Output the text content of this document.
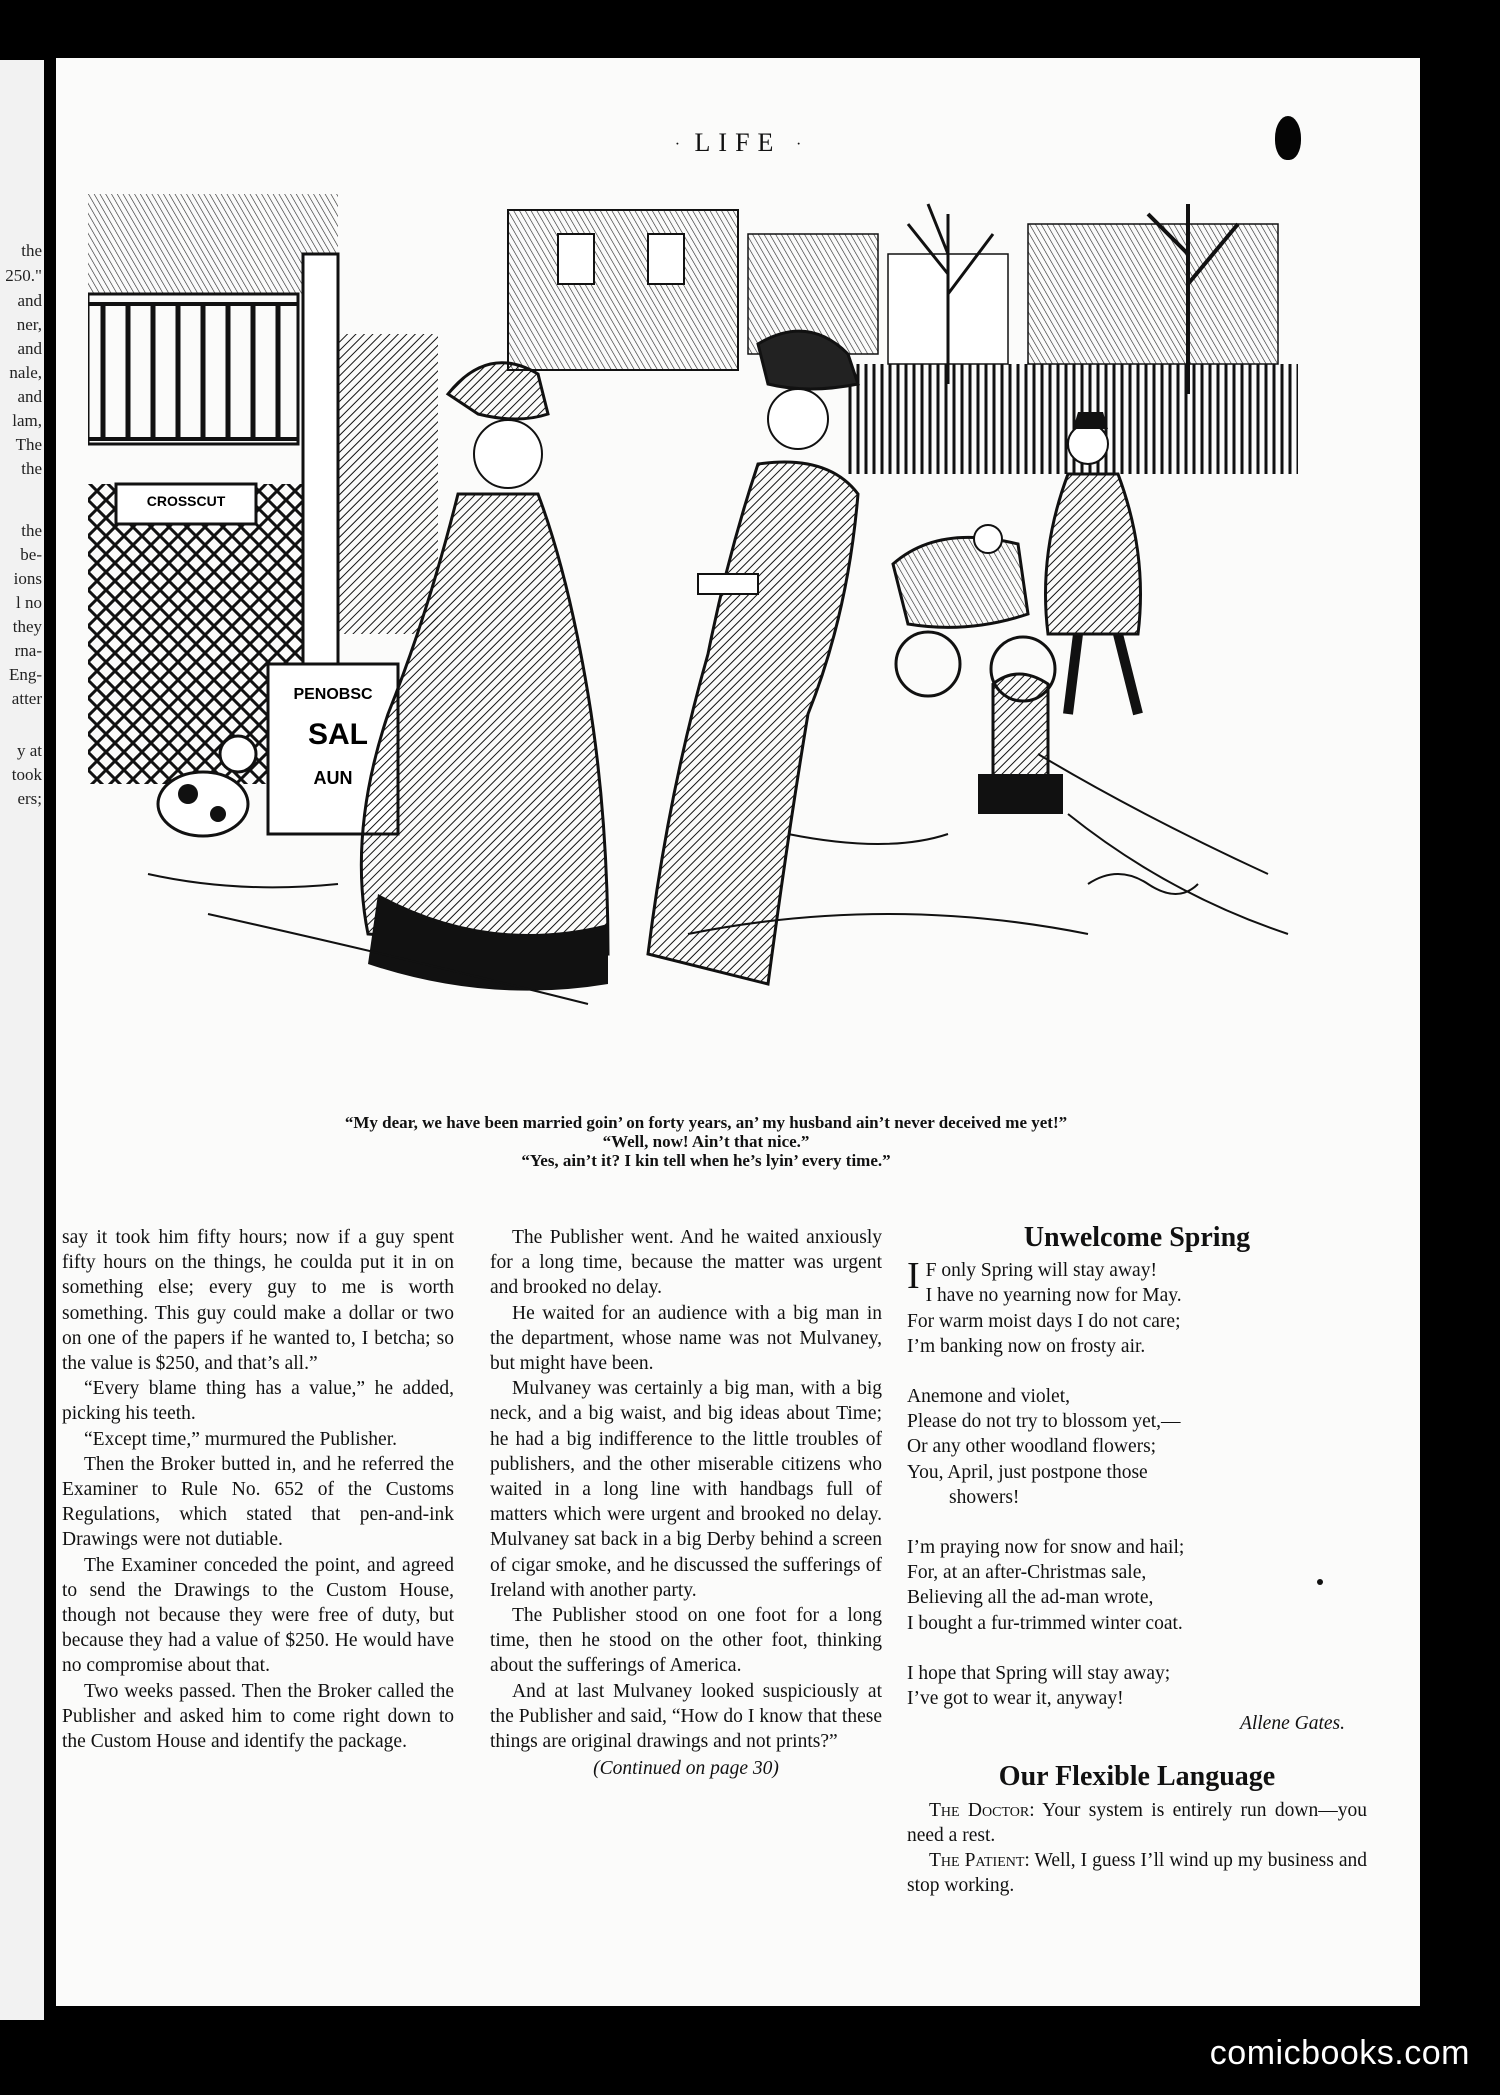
the
250."
and
ner,
and
nale,
and
lam,
The
the
the
be-
ions
l no
they
rna-
Eng-
atter
y at
took
ers;
· LIFE ·
CROSSCUT
PENOBSC
SAL
AUN
“My dear, we have been married goin’ on forty years, an’ my husband ain’t never deceived me yet!”
“Well, now! Ain’t that nice.”
“Yes, ain’t it? I kin tell when he’s lyin’ every time.”

say it took him fifty hours; now if a guy spent fifty hours on the things, he coulda put it in on something else; every guy to me is worth something. This guy could make a dollar or two on one of the papers if he wanted to, I betcha; so the value is $250, and that’s all.”

“Every blame thing has a value,” he added, picking his teeth.

“Except time,” murmured the Publisher.

Then the Broker butted in, and he referred the Examiner to Rule No. 652 of the Customs Regulations, which stated that pen-and-ink Drawings were not dutiable.

The Examiner conceded the point, and agreed to send the Drawings to the Custom House, though not because they were free of duty, but because they had a value of $250. He would have no compromise about that.

Two weeks passed. Then the Broker called the Publisher and asked him to come right down to the Custom House and identify the package.

The Publisher went. And he waited anxiously for a long time, because the matter was urgent and brooked no delay.

He waited for an audience with a big man in the department, whose name was not Mulvaney, but might have been.

Mulvaney was certainly a big man, with a big neck, and a big waist, and big ideas about Time; he had a big indifference to the little troubles of publishers, and the other miserable citizens who waited in a long line with handbags full of matters which were urgent and brooked no delay. Mulvaney sat back in a big Derby behind a screen of cigar smoke, and he discussed the sufferings of Ireland with another party.

The Publisher stood on one foot for a long time, then he stood on the other foot, thinking about the sufferings of America.

And at last Mulvaney looked suspiciously at the Publisher and said, “How do I know that these things are original drawings and not prints?”

(Continued on page 30)

Unwelcome Spring
I F only Spring will stay away!
I have no yearning now for May.
For warm moist days I do not care;
I’m banking now on frosty air.
Anemone and violet,
Please do not try to blossom yet,—
Or any other woodland flowers;
You, April, just postpone those
showers!
I’m praying now for snow and hail;
For, at an after-Christmas sale,
Believing all the ad-man wrote,
I bought a fur-trimmed winter coat.
I hope that Spring will stay away;
I’ve got to wear it, anyway!
Allene Gates.
Our Flexible Language

The Doctor: Your system is entirely run down—you need a rest.

The Patient: Well, I guess I’ll wind up my business and stop working.

comicbooks.com
